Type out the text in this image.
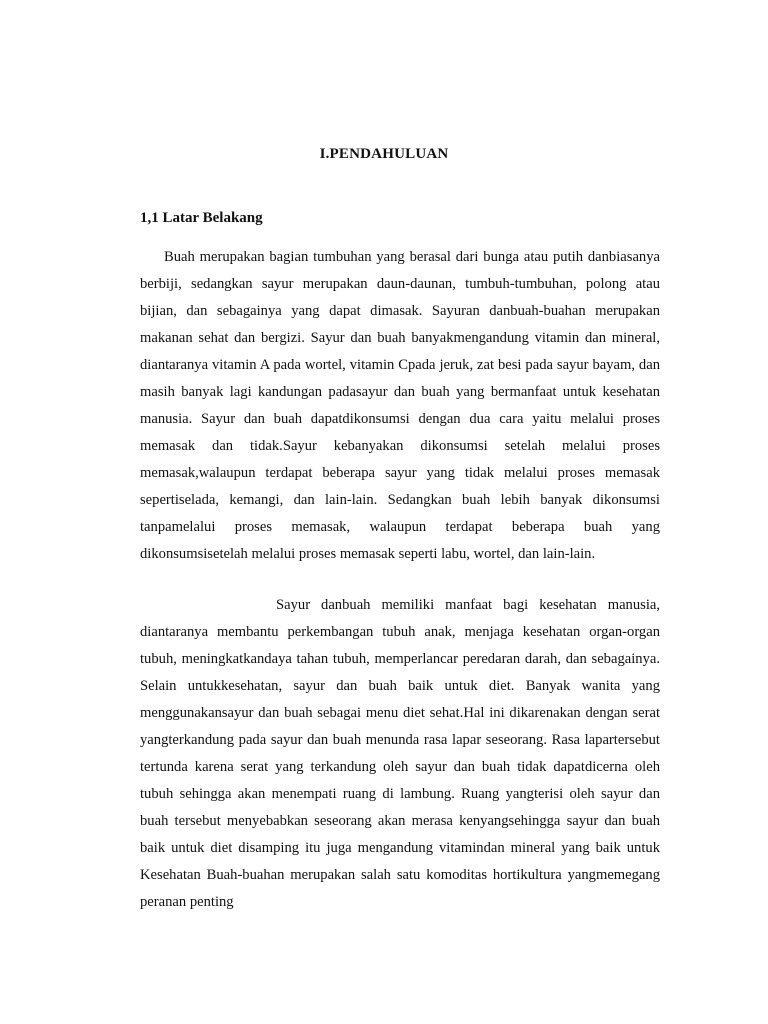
I.PENDAHULUAN
1,1 Latar Belakang

Buah merupakan bagian tumbuhan yang berasal dari bunga atau putih danbiasanya berbiji, sedangkan sayur merupakan daun-daunan, tumbuh-tumbuhan, polong atau bijian, dan sebagainya yang dapat dimasak. Sayuran danbuah-buahan merupakan makanan sehat dan bergizi. Sayur dan buah banyakmengandung vitamin dan mineral, diantaranya vitamin A pada wortel, vitamin Cpada jeruk, zat besi pada sayur bayam, dan masih banyak lagi kandungan padasayur dan buah yang bermanfaat untuk kesehatan manusia. Sayur dan buah dapatdikonsumsi dengan dua cara yaitu melalui proses memasak dan tidak.Sayur kebanyakan dikonsumsi setelah melalui proses memasak,walaupun terdapat beberapa sayur yang tidak melalui proses memasak sepertiselada, kemangi, dan lain-lain. Sedangkan buah lebih banyak dikonsumsi tanpamelalui proses memasak, walaupun terdapat beberapa buah yang dikonsumsisetelah melalui proses memasak seperti labu, wortel, dan lain-lain.

Sayur danbuah memiliki manfaat bagi kesehatan manusia, diantaranya membantu perkembangan tubuh anak, menjaga kesehatan organ-organ tubuh, meningkatkandaya tahan tubuh, memperlancar peredaran darah, dan sebagainya. Selain untukkesehatan, sayur dan buah baik untuk diet. Banyak wanita yang menggunakansayur dan buah sebagai menu diet sehat.Hal ini dikarenakan dengan serat yangterkandung pada sayur dan buah menunda rasa lapar seseorang. Rasa lapartersebut tertunda karena serat yang terkandung oleh sayur dan buah tidak dapatdicerna oleh tubuh sehingga akan menempati ruang di lambung. Ruang yangterisi oleh sayur dan buah tersebut menyebabkan seseorang akan merasa kenyangsehingga sayur dan buah baik untuk diet disamping itu juga mengandung vitamindan mineral yang baik untuk Kesehatan Buah-buahan merupakan salah satu komoditas hortikultura yangmemegang peranan penting
